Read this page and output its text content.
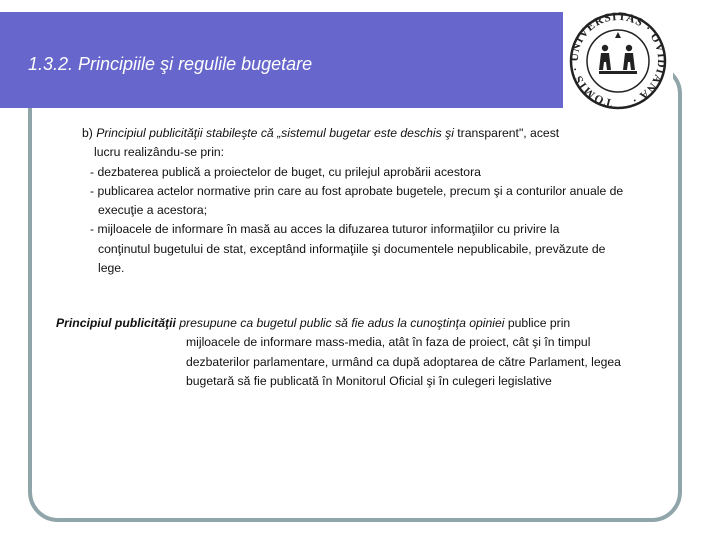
1.3.2. Principiile şi regulile bugetare
TOMIS · UNIVERSITAS · OVIDIANA ·
b) Principiul publicităţii stabileşte că „sistemul bugetar este deschis şi transparent", acest
lucru realizându-se prin:
- dezbaterea publică a proiectelor de buget, cu prilejul aprobării acestora
- publicarea actelor normative prin care au fost aprobate bugetele, precum şi a conturilor anuale de
execuţie a acestora;
- mijloacele de informare în masă au acces la difuzarea tuturor informaţiilor cu privire la
conţinutul bugetului de stat, exceptând informaţiile şi documentele nepublicabile, prevăzute de
lege.
Principiul publicităţii presupune ca bugetul public să fie adus la cunoştinţa opiniei publice prin
mijloacele de informare mass-media, atât în faza de proiect, cât şi în timpul
dezbaterilor parlamentare, urmând ca după adoptarea de către Parlament, legea
bugetară să fie publicată în Monitorul Oficial şi în culegeri legislative
